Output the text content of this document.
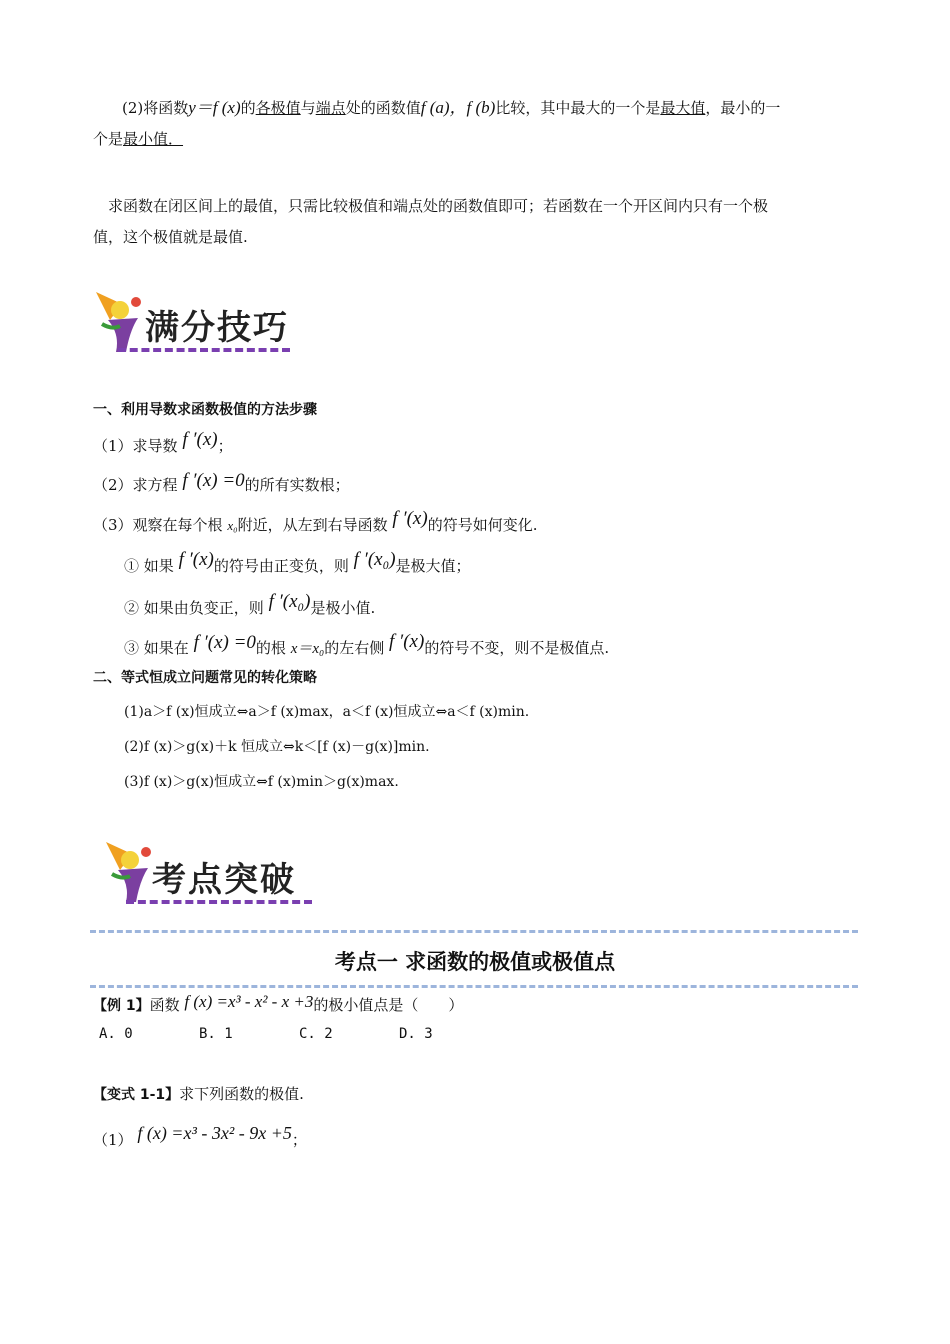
(2)将函数y＝f (x)的各极值与端点处的函数值f (a)，f (b)比较，其中最大的一个是最大值，最小的一
个是最小值．
求函数在闭区间上的最值，只需比较极值和端点处的函数值即可；若函数在一个开区间内只有一个极
值，这个极值就是最值.
满分技巧
一、利用导数求函数极值的方法步骤
（1）求导数 f ′(x)；
（2）求方程 f ′(x) =0的所有实数根；
（3）观察在每个根 x₀附近，从左到右导函数 f ′(x)的符号如何变化.
① 如果 f ′(x)的符号由正变负，则 f ′(x₀)是极大值；
② 如果由负变正，则 f ′(x₀)是极小值.
③ 如果在 f ′(x) =0的根 x＝x₀的左右侧 f ′(x)的符号不变，则不是极值点.
二、等式恒成立问题常见的转化策略
(1)a＞f (x)恒成立⇔a＞f (x)max，a＜f (x)恒成立⇔a＜f (x)min.
(2)f (x)＞g(x)＋k 恒成立⇔k＜[f (x)－g(x)]min.
(3)f (x)＞g(x)恒成立⇔f (x)min＞g(x)max.
考点突破
考点一 求函数的极值或极值点
【例 1】函数 f (x) =x³ - x² - x +3的极小值点是（　　）
A. 0	B. 1	C. 2	D. 3
【变式 1-1】求下列函数的极值.
（1） f (x) =x³ - 3x² - 9x +5；
